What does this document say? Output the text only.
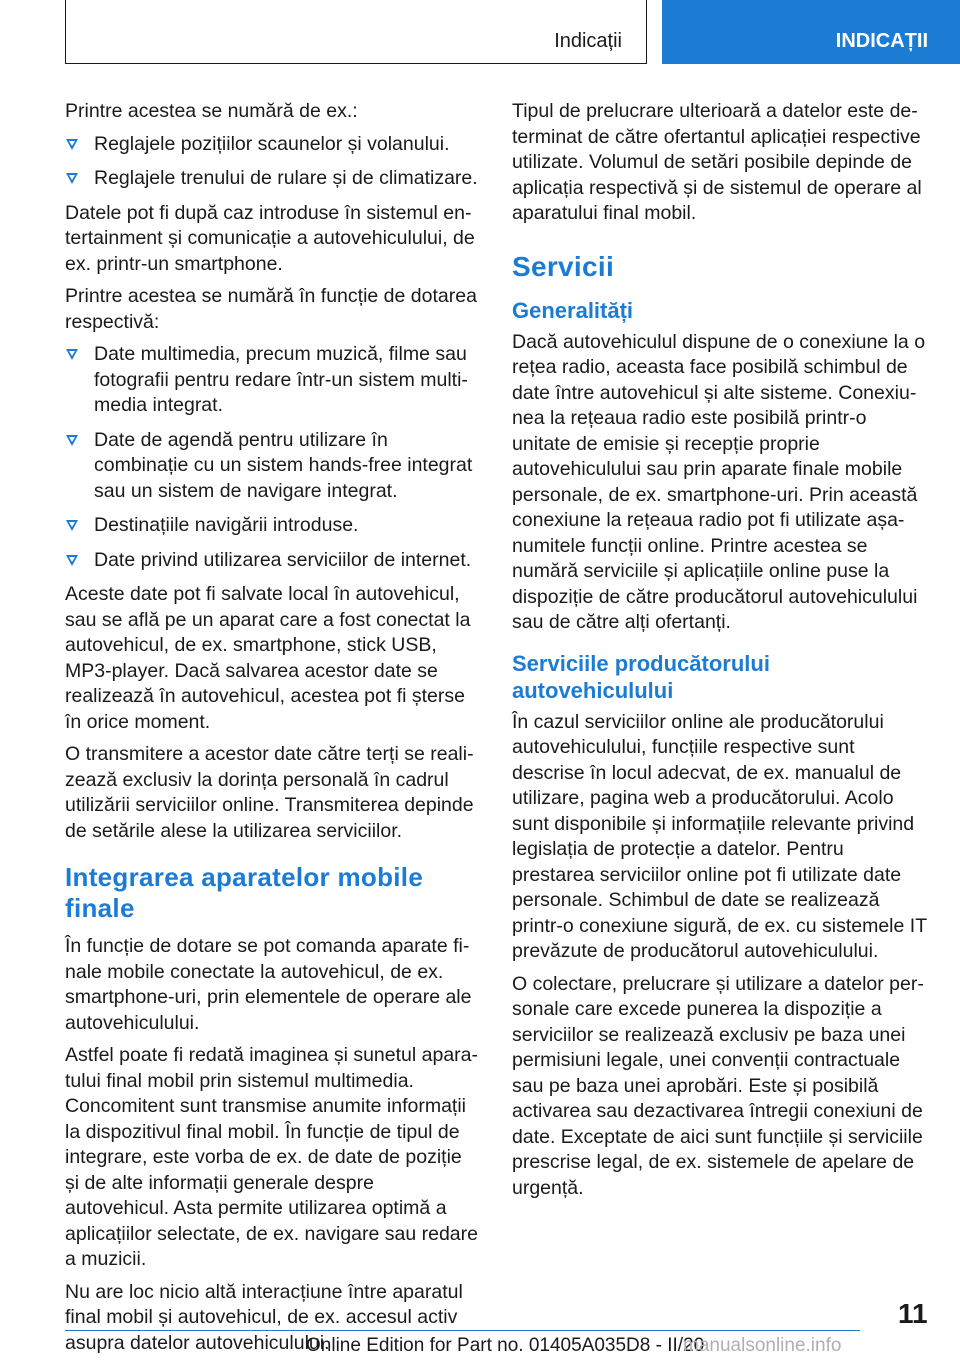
Indicații	INDICAȚII

Printre acestea se numără de ex.:

Reglajele pozițiilor scaunelor și volanului.
Reglajele trenului de rulare și de climatizare.

Datele pot fi după caz introduse în sistemul entertainment și comunicație a autovehiculului, de ex. printr-un smartphone.

Printre acestea se numără în funcție de dotarea respectivă:

Date multimedia, precum muzică, filme sau fotografii pentru redare într-un sistem multimedia integrat.
Date de agendă pentru utilizare în combinație cu un sistem hands-free integrat sau un sistem de navigare integrat.
Destinațiile navigării introduse.
Date privind utilizarea serviciilor de internet.

Aceste date pot fi salvate local în autovehicul, sau se află pe un aparat care a fost conectat la autovehicul, de ex. smartphone, stick USB, MP3-player. Dacă salvarea acestor date se realizează în autovehicul, acestea pot fi șterse în orice moment.

O transmitere a acestor date către terți se realizează exclusiv la dorința personală în cadrul utilizării serviciilor online. Transmiterea depinde de setările alese la utilizarea serviciilor.

Integrarea aparatelor mobile finale

În funcție de dotare se pot comanda aparate finale mobile conectate la autovehicul, de ex. smartphone-uri, prin elementele de operare ale autovehiculului.

Astfel poate fi redată imaginea și sunetul aparatului final mobil prin sistemul multimedia. Concomitent sunt transmise anumite informații la dispozitivul final mobil. În funcție de tipul de integrare, este vorba de ex. de date de poziție și de alte informații generale despre autovehicul. Asta permite utilizarea optimă a aplicațiilor selectate, de ex. navigare sau redare a muzicii.

Nu are loc nicio altă interacțiune între aparatul final mobil și autovehicul, de ex. accesul activ asupra datelor autovehiculului.

Tipul de prelucrare ulterioară a datelor este determinat de către ofertantul aplicației respective utilizate. Volumul de setări posibile depinde de aplicația respectivă și de sistemul de operare al aparatului final mobil.

Servicii
Generalități

Dacă autovehiculul dispune de o conexiune la o rețea radio, aceasta face posibilă schimbul de date între autovehicul și alte sisteme. Conexiunea la rețeaua radio este posibilă printr-o unitate de emisie și recepție proprie autovehiculului sau prin aparate finale mobile personale, de ex. smartphone-uri. Prin această conexiune la rețeaua radio pot fi utilizate așa-numitele funcții online. Printre acestea se numără serviciile și aplicațiile online puse la dispoziție de către producătorul autovehiculului sau de către alți ofertanți.

Serviciile producătorului autovehiculului

În cazul serviciilor online ale producătorului autovehiculului, funcțiile respective sunt descrise în locul adecvat, de ex. manualul de utilizare, pagina web a producătorului. Acolo sunt disponibile și informațiile relevante privind legislația de protecție a datelor. Pentru prestarea serviciilor online pot fi utilizate date personale. Schimbul de date se realizează printr-o conexiune sigură, de ex. cu sistemele IT prevăzute de producătorul autovehiculului.

O colectare, prelucrare și utilizare a datelor personale care excede punerea la dispoziție a serviciilor se realizează exclusiv pe baza unei permisiuni legale, unei convenții contractuale sau pe baza unei aprobări. Este și posibilă activarea sau dezactivarea întregii conexiuni de date. Exceptate de aici sunt funcțiile și serviciile prescrise legal, de ex. sistemele de apelare de urgență.

11
Online Edition for Part no. 01405A035D8 - II/20
manualsonline.info
